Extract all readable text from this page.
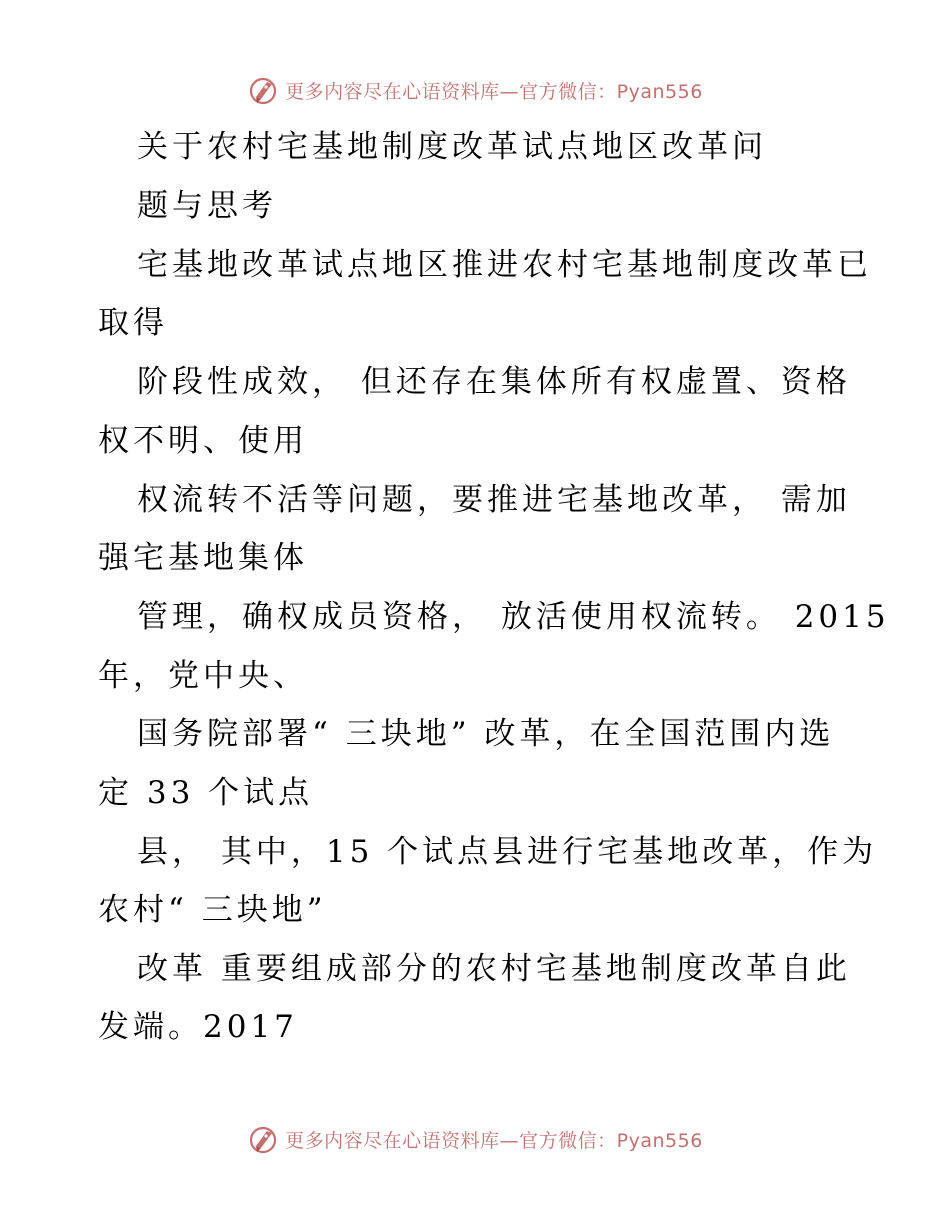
更多内容尽在心语资料库—官方微信：Pyan556
关于农村宅基地制度改革试点地区改革问
题与思考
宅基地改革试点地区推进农村宅基地制度改革已
取得
阶段性成效， 但还存在集体所有权虚置、资格
权不明、使用
权流转不活等问题，要推进宅基地改革， 需加
强宅基地集体
管理，确权成员资格， 放活使用权流转。 2015
年，党中央、
国务院部署“ 三块地” 改革，在全国范围内选
定 33 个试点
县， 其中，15 个试点县进行宅基地改革，作为
农村“ 三块地”
改革 重要组成部分的农村宅基地制度改革自此
发端。2017
更多内容尽在心语资料库—官方微信：Pyan556
